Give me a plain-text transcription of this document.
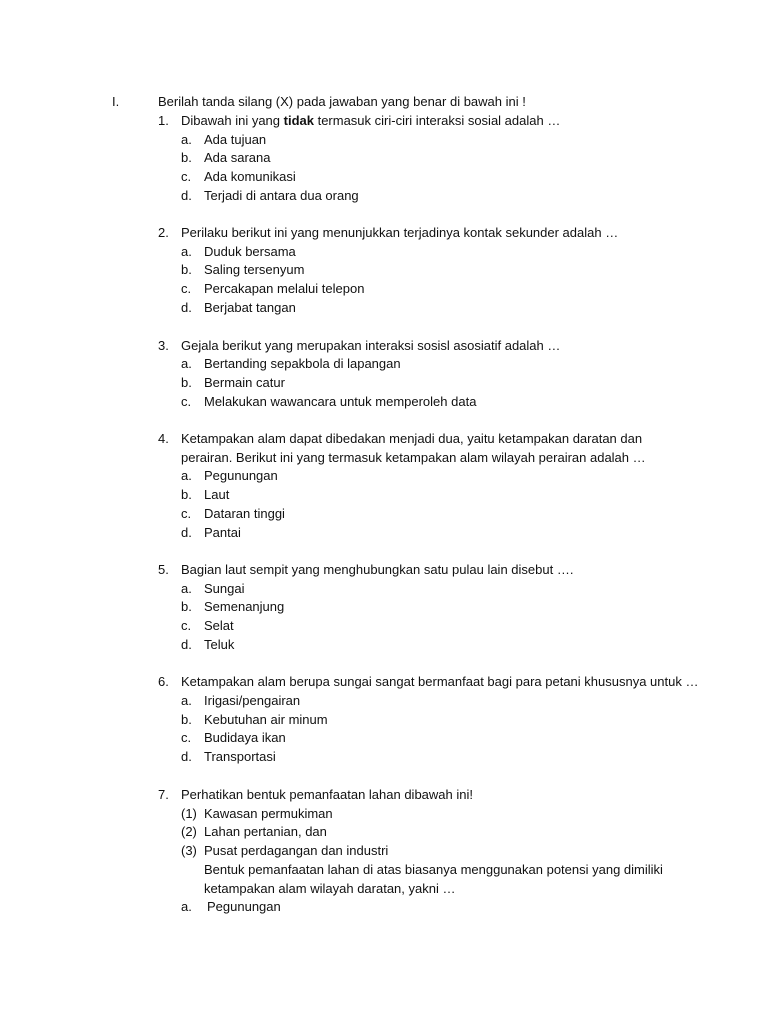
I.	Berilah tanda silang (X) pada jawaban yang benar di bawah ini !
1. Dibawah ini yang tidak termasuk ciri-ciri interaksi sosial adalah …
a. Ada tujuan
b. Ada sarana
c. Ada komunikasi
d. Terjadi di antara dua orang
2. Perilaku berikut ini yang menunjukkan terjadinya kontak sekunder adalah …
a. Duduk bersama
b. Saling tersenyum
c. Percakapan melalui telepon
d. Berjabat tangan
3. Gejala berikut yang merupakan interaksi sosisl asosiatif adalah …
a. Bertanding sepakbola di lapangan
b. Bermain catur
c. Melakukan wawancara untuk memperoleh data
4. Ketampakan alam dapat dibedakan menjadi dua, yaitu ketampakan daratan dan
perairan. Berikut ini yang termasuk ketampakan alam wilayah perairan adalah …
a. Pegunungan
b. Laut
c. Dataran tinggi
d. Pantai
5. Bagian laut sempit yang menghubungkan satu pulau lain disebut ….
a. Sungai
b. Semenanjung
c. Selat
d. Teluk
6. Ketampakan alam berupa sungai sangat bermanfaat bagi para petani khususnya untuk …
a. Irigasi/pengairan
b. Kebutuhan air minum
c. Budidaya ikan
d. Transportasi
7. Perhatikan bentuk pemanfaatan lahan dibawah ini!
(1) Kawasan permukiman
(2) Lahan pertanian, dan
(3) Pusat perdagangan dan industri
Bentuk pemanfaatan lahan di atas biasanya menggunakan potensi yang dimiliki
ketampakan alam wilayah daratan, yakni …
a. Pegunungan
